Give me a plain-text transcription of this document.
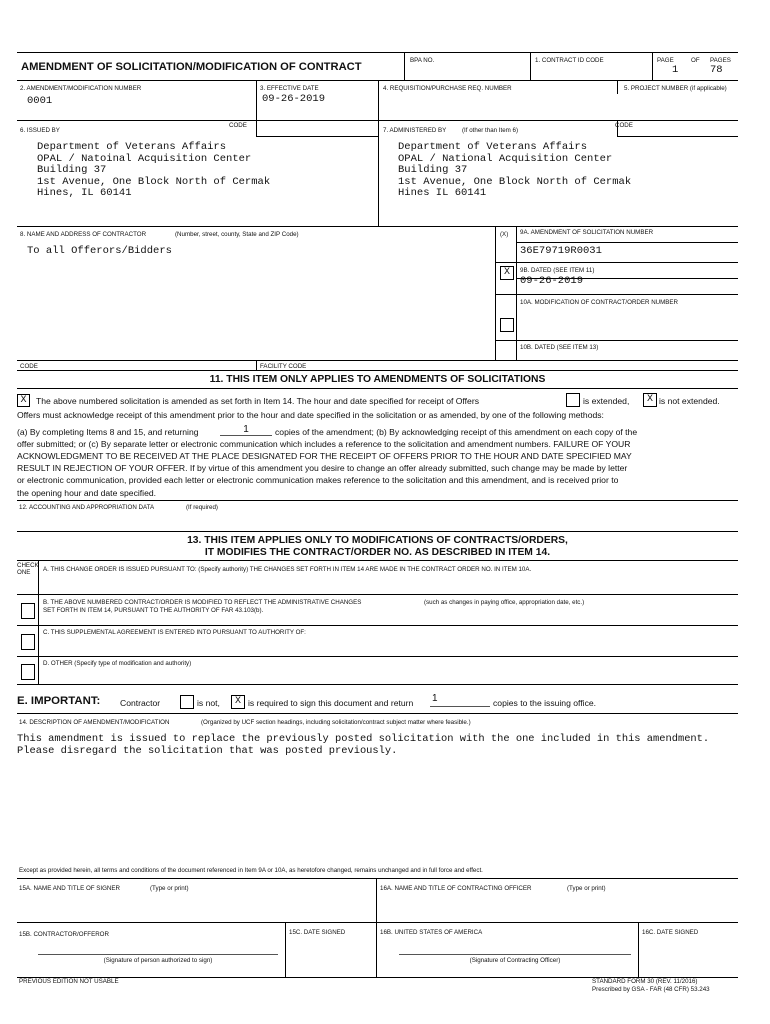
AMENDMENT OF SOLICITATION/MODIFICATION OF CONTRACT
BPA NO.	1. CONTRACT ID CODE	PAGE	OF PAGES
1	78
2. AMENDMENT/MODIFICATION NUMBER
0001
3. EFFECTIVE DATE
09-26-2019
4. REQUISITION/PURCHASE REQ. NUMBER	5. PROJECT NUMBER (if applicable)
6. ISSUED BY
CODE
Department of Veterans Affairs
OPAL / Natoinal Acquisition Center
Building 37
1st Avenue, One Block North of Cermak
Hines, IL 60141
7. ADMINISTERED BY	(If other than Item 6)
CODE
Department of Veterans Affairs
OPAL / National Acquisition Center
Building 37
1st Avenue, One Block North of Cermak
Hines IL 60141
8. NAME AND ADDRESS OF CONTRACTOR	(Number, street, county, State and ZIP Code)
To all Offerors/Bidders
(X) 9A. AMENDMENT OF SOLICITATION NUMBER
36E79719R0031
X	9B. DATED (SEE ITEM 11)
09-26-2019
10A. MODIFICATION OF CONTRACT/ORDER NUMBER
10B. DATED (SEE ITEM 13)
CODE	FACILITY CODE
11. THIS ITEM ONLY APPLIES TO AMENDMENTS OF SOLICITATIONS
X	The above numbered solicitation is amended as set forth in Item 14. The hour and date specified for receipt of Offers	is extended,	X is not extended.
Offers must acknowledge receipt of this amendment prior to the hour and date specified in the solicitation or as amended, by one of the following methods:
(a) By completing Items 8 and 15, and returning	1	copies of the amendment; (b) By acknowledging receipt of this amendment on each copy of the
offer submitted; or (c) By separate letter or electronic communication which includes a reference to the solicitation and amendment numbers. FAILURE OF YOUR
ACKNOWLEDGMENT TO BE RECEIVED AT THE PLACE DESIGNATED FOR THE RECEIPT OF OFFERS PRIOR TO THE HOUR AND DATE SPECIFIED MAY
RESULT IN REJECTION OF YOUR OFFER. If by virtue of this amendment you desire to change an offer already submitted, such change may be made by letter
or electronic communication, provided each letter or electronic communication makes reference to the solicitation and this amendment, and is received prior to
the opening hour and date specified.
12. ACCOUNTING AND APPROPRIATION DATA	(If required)
13. THIS ITEM APPLIES ONLY TO MODIFICATIONS OF CONTRACTS/ORDERS,
IT MODIFIES THE CONTRACT/ORDER NO. AS DESCRIBED IN ITEM 14.
CHECK
ONE	A. THIS CHANGE ORDER IS ISSUED PURSUANT TO: (Specify authority) THE CHANGES SET FORTH IN ITEM 14 ARE MADE IN THE CONTRACT ORDER NO. IN ITEM 10A.
B. THE ABOVE NUMBERED CONTRACT/ORDER IS MODIFIED TO REFLECT THE ADMINISTRATIVE CHANGES	(such as changes in paying office, appropriation date, etc.)
SET FORTH IN ITEM 14, PURSUANT TO THE AUTHORITY OF FAR 43.103(b).
C. THIS SUPPLEMENTAL AGREEMENT IS ENTERED INTO PURSUANT TO AUTHORITY OF:
D. OTHER (Specify type of modification and authority)
E. IMPORTANT: Contractor	is not,	X is required to sign this document and return 1	copies to the issuing office.
14. DESCRIPTION OF AMENDMENT/MODIFICATION	(Organized by UCF section headings, including solicitation/contract subject matter where feasible.)
This amendment is issued to replace the previously posted solicitation with the one included in this amendment.
Please disregard the solicitation that was posted previously.
Except as provided herein, all terms and conditions of the document referenced in Item 9A or 10A, as heretofore changed, remains unchanged and in full force and effect.
15A. NAME AND TITLE OF SIGNER	(Type or print)	16A. NAME AND TITLE OF CONTRACTING OFFICER	(Type or print)
15B. CONTRACTOR/OFFEROR	15C. DATE SIGNED	16B. UNITED STATES OF AMERICA	16C. DATE SIGNED
(Signature of person authorized to sign)	(Signature of Contracting Officer)
PREVIOUS EDITION NOT USABLE	STANDARD FORM 30 (REV. 11/2016)
Prescribed by GSA - FAR (48 CFR) 53.243
